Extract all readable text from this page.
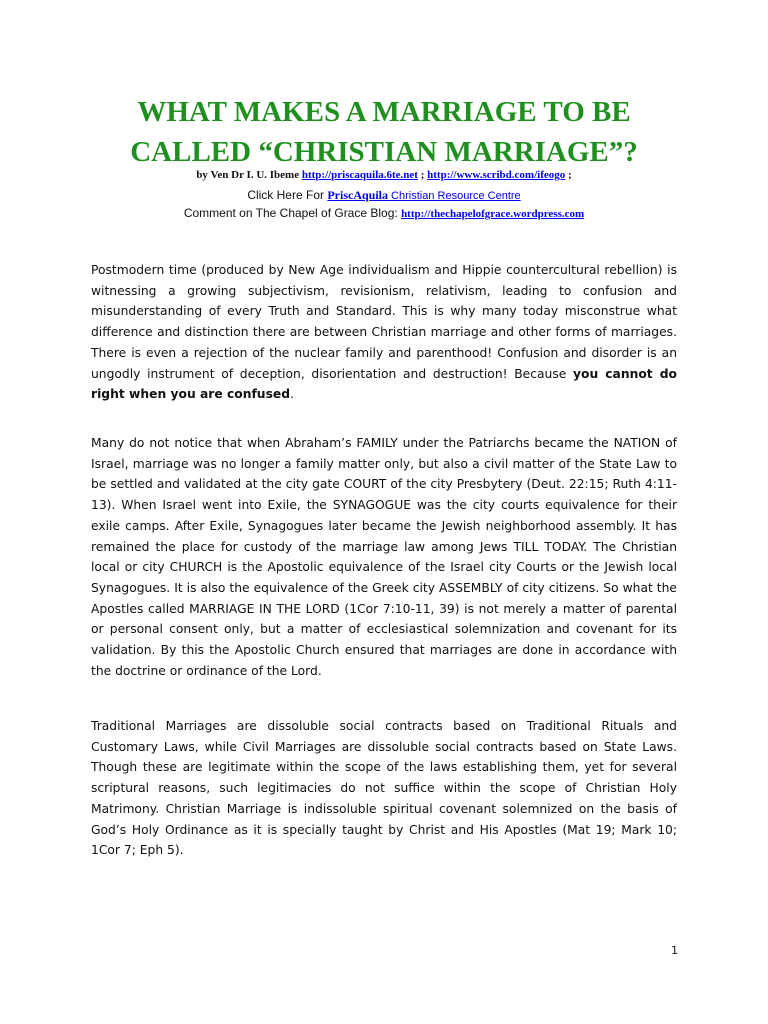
WHAT MAKES A MARRIAGE TO BE
CALLED “CHRISTIAN MARRIAGE”?
by Ven Dr I. U. Ibeme http://priscaquila.6te.net ; http://www.scribd.com/ifeogo ;
Click Here For PriscAquila Christian Resource Centre
Comment on The Chapel of Grace Blog: http://thechapelofgrace.wordpress.com

Postmodern time (produced by New Age individualism and Hippie countercultural rebellion) is witnessing a growing subjectivism, revisionism, relativism, leading to confusion and misunderstanding of every Truth and Standard. This is why many today misconstrue what difference and distinction there are between Christian marriage and other forms of marriages. There is even a rejection of the nuclear family and parenthood! Confusion and disorder is an ungodly instrument of deception, disorientation and destruction! Because you cannot do right when you are confused.

Many do not notice that when Abraham’s FAMILY under the Patriarchs became the NATION of Israel, marriage was no longer a family matter only, but also a civil matter of the State Law to be settled and validated at the city gate COURT of the city Presbytery (Deut. 22:15; Ruth 4:11-13). When Israel went into Exile, the SYNAGOGUE was the city courts equivalence for their exile camps. After Exile, Synagogues later became the Jewish neighborhood assembly. It has remained the place for custody of the marriage law among Jews TILL TODAY. The Christian local or city CHURCH is the Apostolic equivalence of the Israel city Courts or the Jewish local Synagogues. It is also the equivalence of the Greek city ASSEMBLY of city citizens. So what the Apostles called MARRIAGE IN THE LORD (1Cor 7:10-11, 39) is not merely a matter of parental or personal consent only, but a matter of ecclesiastical solemnization and covenant for its validation. By this the Apostolic Church ensured that marriages are done in accordance with the doctrine or ordinance of the Lord.

Traditional Marriages are dissoluble social contracts based on Traditional Rituals and Customary Laws, while Civil Marriages are dissoluble social contracts based on State Laws. Though these are legitimate within the scope of the laws establishing them, yet for several scriptural reasons, such legitimacies do not suffice within the scope of Christian Holy Matrimony. Christian Marriage is indissoluble spiritual covenant solemnized on the basis of God’s Holy Ordinance as it is specially taught by Christ and His Apostles (Mat 19; Mark 10; 1Cor 7; Eph 5).

1
